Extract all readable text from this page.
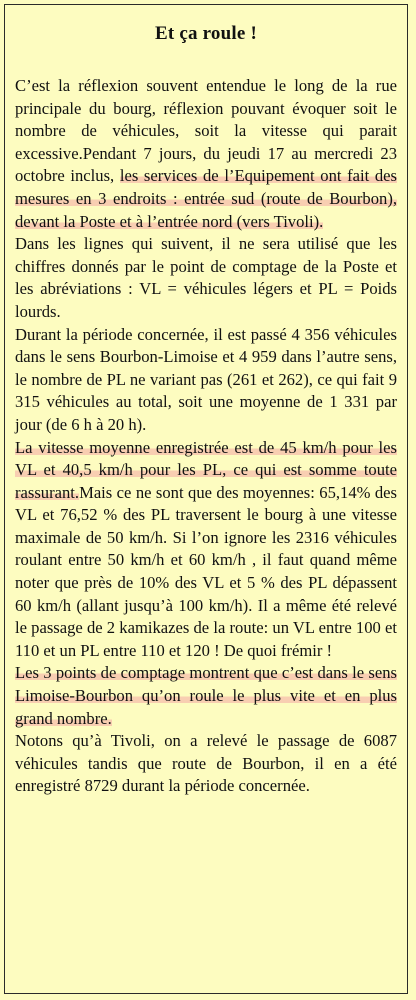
Et ça roule !

C’est la réflexion souvent entendue le long de la rue principale du bourg, réflexion pouvant évoquer soit le nombre de véhicules, soit la vitesse qui parait excessive.Pendant 7 jours, du jeudi 17 au mercredi 23 octobre inclus, les services de l’Equipement ont fait des mesures en 3 endroits : entrée sud (route de Bourbon), devant la Poste et à l’entrée nord (vers Tivoli).

Dans les lignes qui suivent, il ne sera utilisé que les chiffres donnés par le point de comptage de la Poste et les abréviations : VL = véhicules légers et PL = Poids lourds.

Durant la période concernée, il est passé 4 356 véhicules dans le sens Bourbon-Limoise et 4 959 dans l’autre sens, le nombre de PL ne variant pas (261 et 262), ce qui fait 9 315 véhicules au total, soit une moyenne de 1 331 par jour (de 6 h à 20 h).

La vitesse moyenne enregistrée est de 45 km/h pour les VL et 40,5 km/h pour les PL, ce qui est somme toute rassurant.Mais ce ne sont que des moyennes: 65,14% des VL et 76,52 % des PL traversent le bourg à une vitesse maximale de 50 km/h. Si l’on ignore les 2316 véhicules roulant entre 50 km/h et 60 km/h , il faut quand même noter que près de 10% des VL et 5 % des PL dépassent 60 km/h (allant jusqu’à 100 km/h). Il a même été relevé le passage de 2 kamikazes de la route: un VL entre 100 et 110 et un PL entre 110 et 120 ! De quoi frémir !

Les 3 points de comptage montrent que c’est dans le sens Limoise-Bourbon qu’on roule le plus vite et en plus grand nombre.

Notons qu’à Tivoli, on a relevé le passage de 6087 véhicules tandis que route de Bourbon, il en a été enregistré 8729 durant la période concernée.
